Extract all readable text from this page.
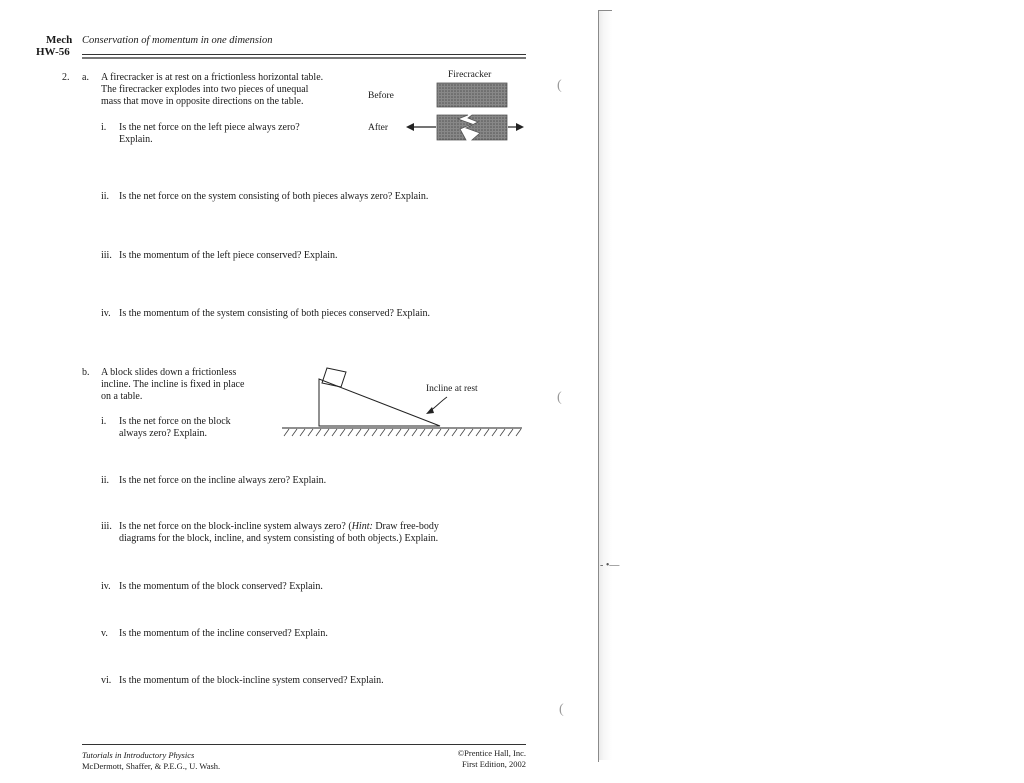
Mech
HW-56
Conservation of momentum in one dimension
2. a. A firecracker is at rest on a frictionless horizontal table.
The firecracker explodes into two pieces of unequal
mass that move in opposite directions on the table.
Firecracker
Before
After
i. Is the net force on the left piece always zero?
Explain.
ii. Is the net force on the system consisting of both pieces always zero? Explain.
iii. Is the momentum of the left piece conserved? Explain.
iv. Is the momentum of the system consisting of both pieces conserved? Explain.
b. A block slides down a frictionless
incline. The incline is fixed in place
on a table.
Incline at rest
i. Is the net force on the block
always zero? Explain.
ii. Is the net force on the incline always zero? Explain.
iii. Is the net force on the block-incline system always zero? (Hint: Draw free-body
diagrams for the block, incline, and system consisting of both objects.) Explain.
iv. Is the momentum of the block conserved? Explain.
v. Is the momentum of the incline conserved? Explain.
vi. Is the momentum of the block-incline system conserved? Explain.
Tutorials in Introductory Physics
McDermott, Shaffer, & P.E.G., U. Wash.
©Prentice Hall, Inc.
First Edition, 2002
(
(
(
- •—
